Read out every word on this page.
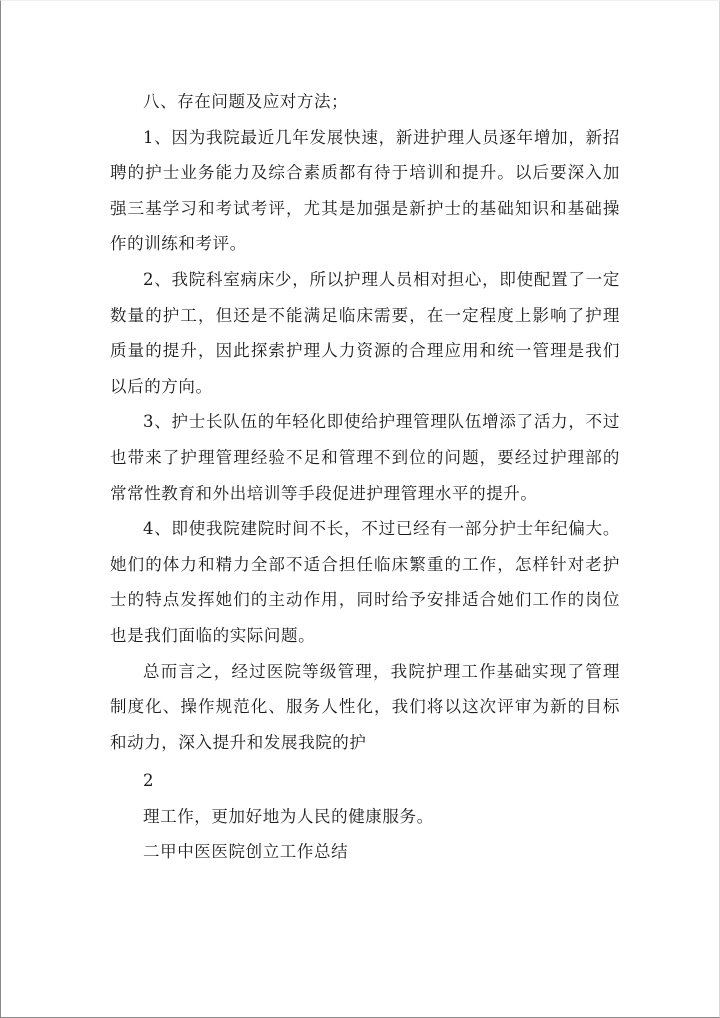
八、存在问题及应对方法；

1、因为我院最近几年发展快速，新进护理人员逐年增加，新招聘的护士业务能力及综合素质都有待于培训和提升。以后要深入加强三基学习和考试考评，尤其是加强是新护士的基础知识和基础操作的训练和考评。

2、我院科室病床少，所以护理人员相对担心，即使配置了一定数量的护工，但还是不能满足临床需要，在一定程度上影响了护理质量的提升，因此探索护理人力资源的合理应用和统一管理是我们以后的方向。

3、护士长队伍的年轻化即使给护理管理队伍增添了活力，不过也带来了护理管理经验不足和管理不到位的问题，要经过护理部的常常性教育和外出培训等手段促进护理管理水平的提升。

4、即使我院建院时间不长，不过已经有一部分护士年纪偏大。她们的体力和精力全部不适合担任临床繁重的工作，怎样针对老护士的特点发挥她们的主动作用，同时给予安排适合她们工作的岗位也是我们面临的实际问题。

总而言之，经过医院等级管理，我院护理工作基础实现了管理制度化、操作规范化、服务人性化，我们将以这次评审为新的目标和动力，深入提升和发展我院的护

2

理工作，更加好地为人民的健康服务。

二甲中医医院创立工作总结
